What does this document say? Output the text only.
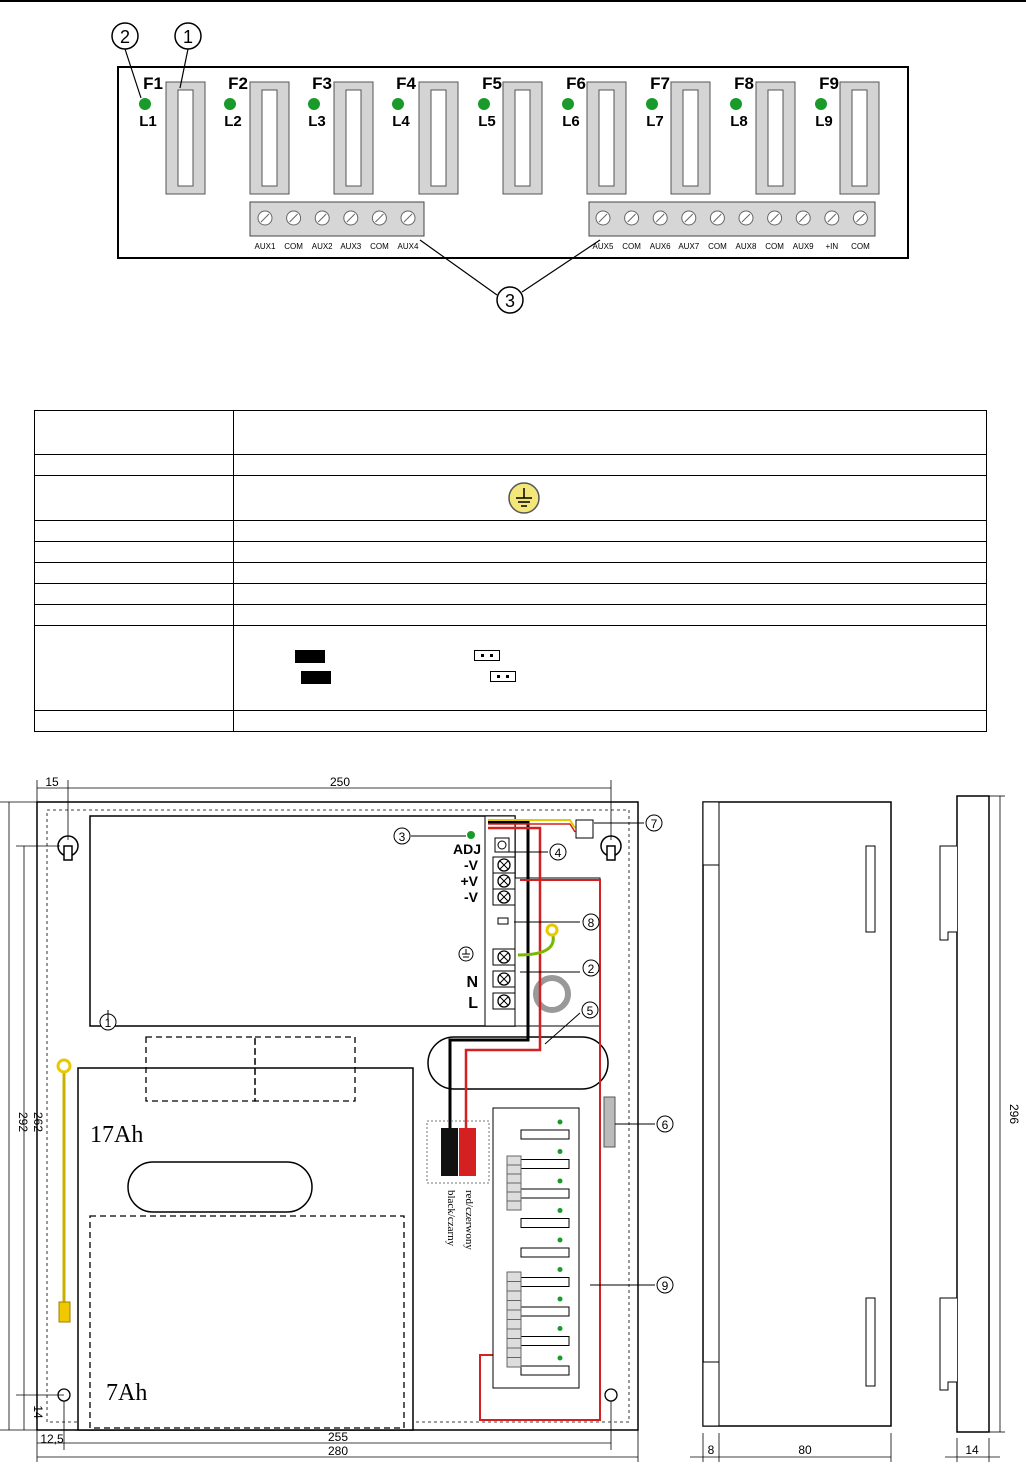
F1
L1
F2
L2
F3
L3
F4
L4
F5
L5
F6
L6
F7
L7
F8
L8
F9
L9
AUX1 COM AUX2 AUX3 COM AUX4	AUX5 COM AUX6 AUX7 COM AUX8 COM AUX9 +IN COM
2	1
3

ADJ
-V
+V
-V
N
L
17Ah
7Ah
black/czarny red/czerwony
1
2
3
4
5
6
7
8
9
15	250
262
292
14
12,5	255
280	8	80
296
14
